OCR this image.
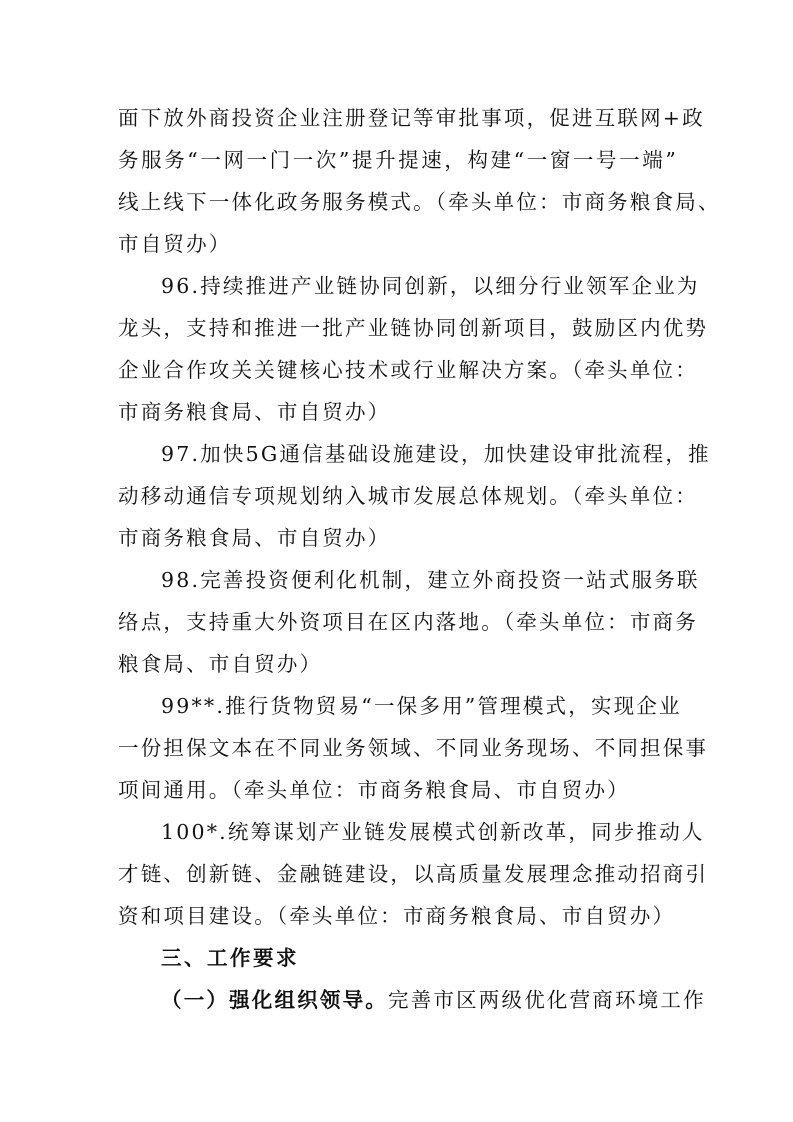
面下放外商投资企业注册登记等审批事项，促进互联网+政
务服务“一网一门一次”提升提速，构建“一窗一号一端”
线上线下一体化政务服务模式。（牵头单位：市商务粮食局、
市自贸办）
96.持续推进产业链协同创新，以细分行业领军企业为
龙头，支持和推进一批产业链协同创新项目，鼓励区内优势
企业合作攻关关键核心技术或行业解决方案。（牵头单位：
市商务粮食局、市自贸办）
97.加快5G通信基础设施建设，加快建设审批流程，推
动移动通信专项规划纳入城市发展总体规划。（牵头单位：
市商务粮食局、市自贸办）
98.完善投资便利化机制，建立外商投资一站式服务联
络点，支持重大外资项目在区内落地。（牵头单位：市商务
粮食局、市自贸办）
99**.推行货物贸易“一保多用”管理模式，实现企业
一份担保文本在不同业务领域、不同业务现场、不同担保事
项间通用。（牵头单位：市商务粮食局、市自贸办）
100*.统筹谋划产业链发展模式创新改革，同步推动人
才链、创新链、金融链建设，以高质量发展理念推动招商引
资和项目建设。（牵头单位：市商务粮食局、市自贸办）
三、工作要求
（一）强化组织领导。完善市区两级优化营商环境工作
